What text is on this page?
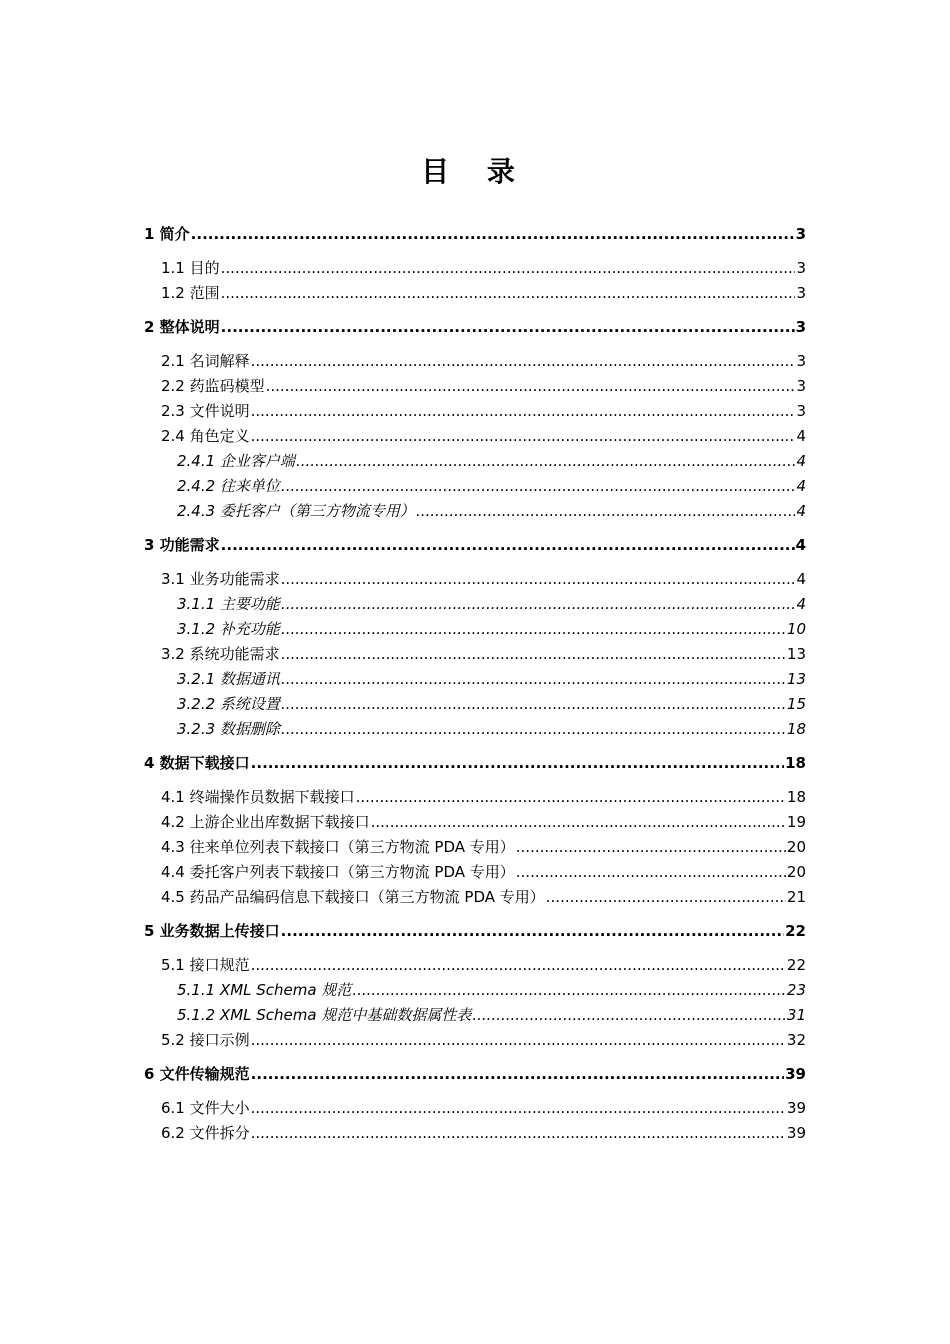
目 录
1 简介 .....	3
1.1 目的 .....	3
1.2 范围 .....	3
2 整体说明 .....	3
2.1 名词解释 .....	3
2.2 药监码模型 .....	3
2.3 文件说明 .....	3
2.4 角色定义 .....	4
2.4.1 企业客户端 .....	4
2.4.2 往来单位 .....	4
2.4.3 委托客户（第三方物流专用） .....	4
3 功能需求 .....	4
3.1 业务功能需求 .....	4
3.1.1 主要功能 .....	4
3.1.2 补充功能 .....	10
3.2 系统功能需求 .....	13
3.2.1 数据通讯 .....	13
3.2.2 系统设置 .....	15
3.2.3 数据删除 .....	18
4 数据下载接口 .....	18
4.1 终端操作员数据下载接口 .....	18
4.2 上游企业出库数据下载接口 .....	19
4.3 往来单位列表下载接口（第三方物流 PDA 专用） .....	20
4.4 委托客户列表下载接口（第三方物流 PDA 专用） .....	20
4.5 药品产品编码信息下载接口（第三方物流 PDA 专用） .....	21
5 业务数据上传接口 .....	22
5.1 接口规范 .....	22
5.1.1 XML Schema 规范 .....	23
5.1.2 XML Schema 规范中基础数据属性表 .....	31
5.2 接口示例 .....	32
6 文件传输规范 .....	39
6.1 文件大小 .....	39
6.2 文件拆分 .....	39
